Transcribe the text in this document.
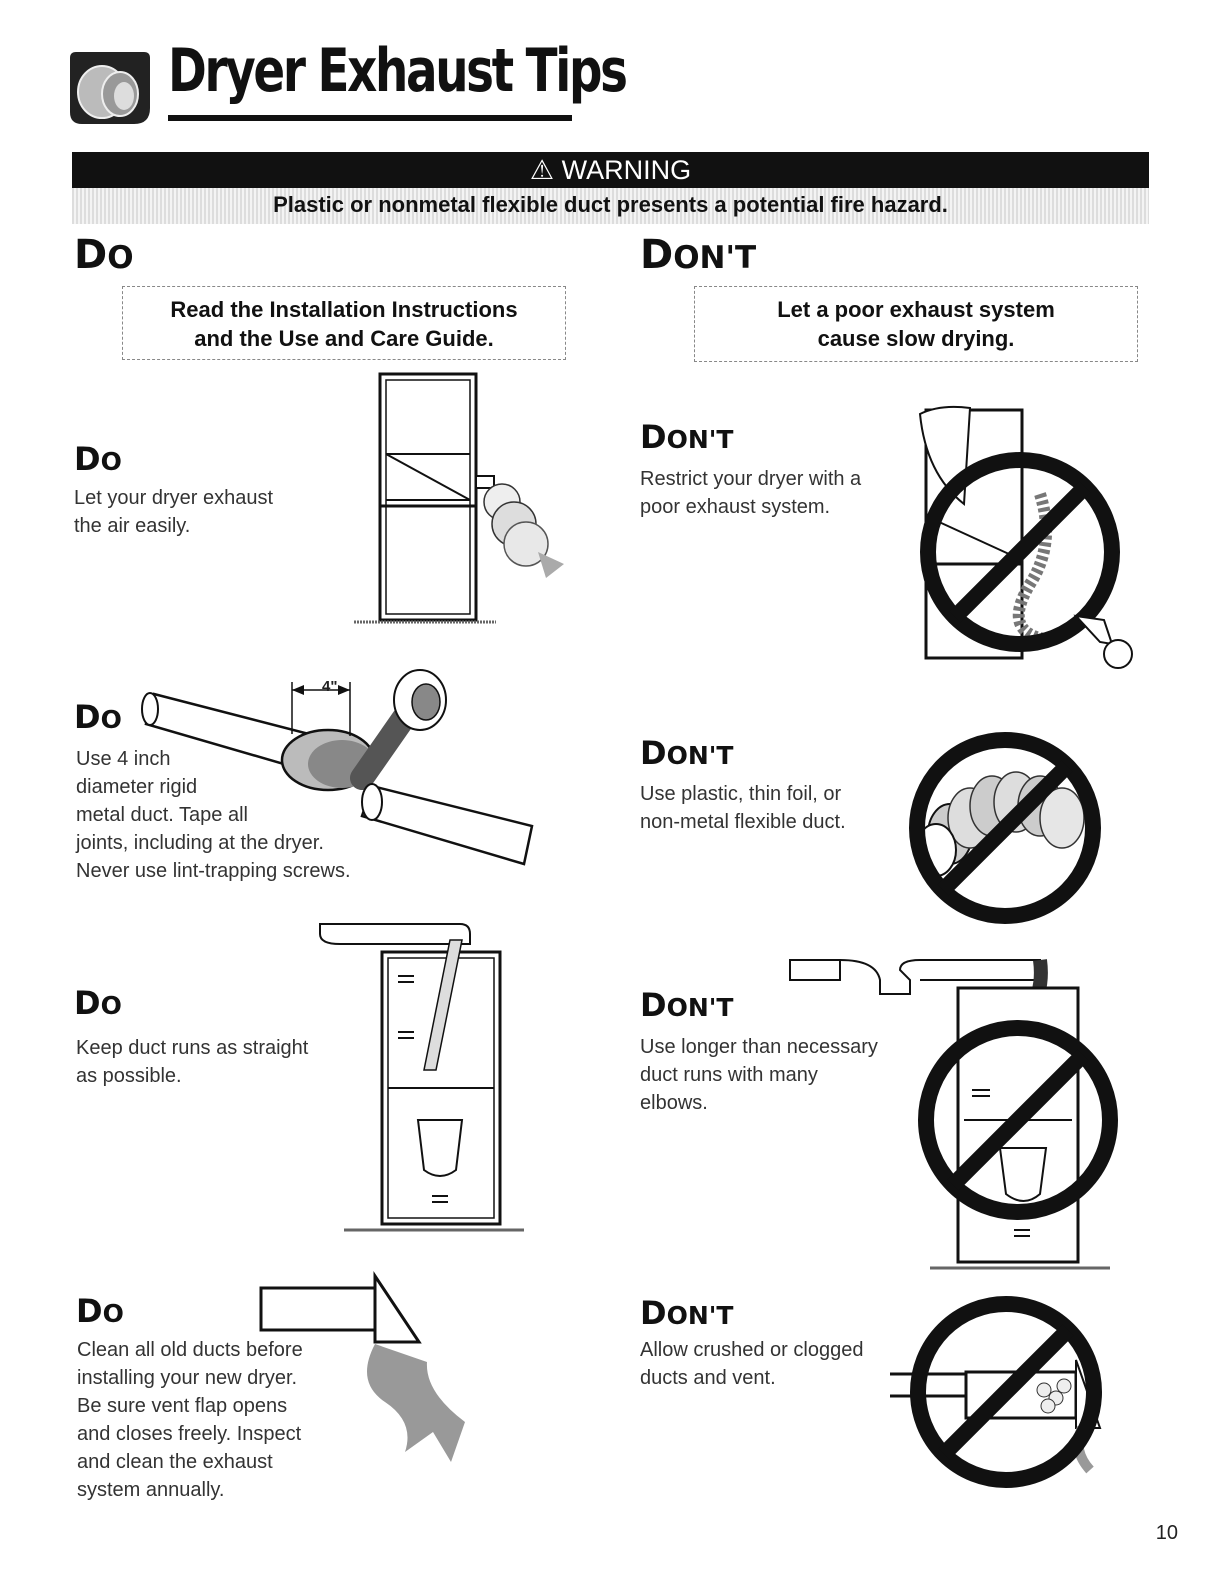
Dryer Exhaust Tips
⚠ WARNING
Plastic or nonmetal flexible duct presents a potential fire hazard.
DO	DON'T
Read the Installation Instructions
and the Use and Care Guide.
Let a poor exhaust system
cause slow drying.
DO
Let your dryer exhaust
the air easily.
DO
Use 4 inch
diameter rigid
metal duct. Tape all
joints, including at the dryer.
Never use lint-trapping screws.
4"
DO
Keep duct runs as straight
as possible.
DO
Clean all old ducts before
installing your new dryer.
Be sure vent flap opens
and closes freely. Inspect
and clean the exhaust
system annually.
DON'T
Restrict your dryer with a
poor exhaust system.
DON'T
Use plastic, thin foil, or
non-metal flexible duct.
DON'T
Use longer than necessary
duct runs with many
elbows.
DON'T
Allow crushed or clogged
ducts and vent.
10
